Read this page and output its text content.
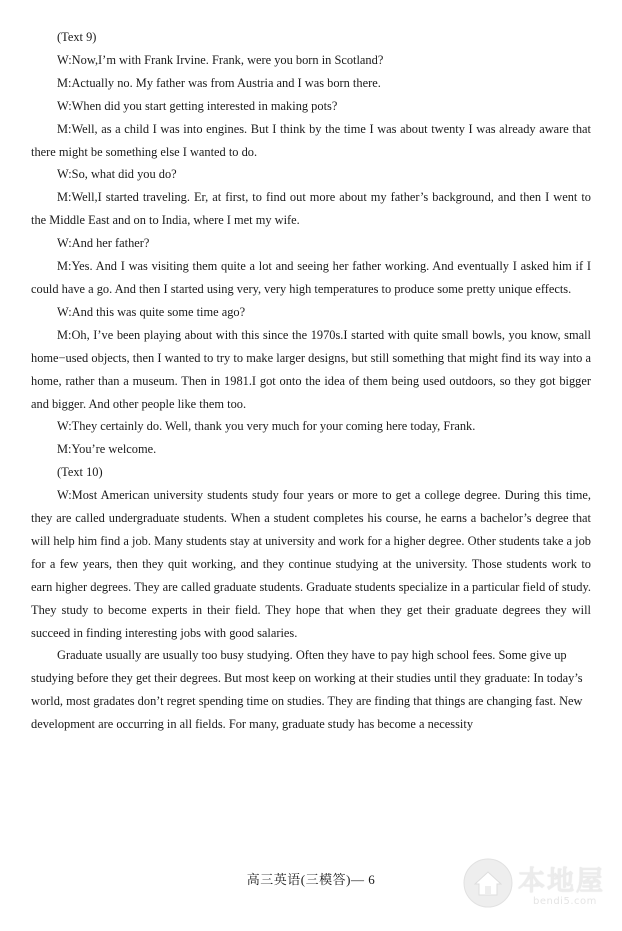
(Text 9)

W:Now,I’m with Frank Irvine. Frank, were you born in Scotland?

M:Actually no. My father was from Austria and I was born there.

W:When did you start getting interested in making pots?

M:Well, as a child I was into engines. But I think by the time I was about twenty I was already aware that there might be something else I wanted to do.

W:So, what did you do?

M:Well,I started traveling. Er, at first, to find out more about my father’s background, and then I went to the Middle East and on to India, where I met my wife.

W:And her father?

M:Yes. And I was visiting them quite a lot and seeing her father working. And eventually I asked him if I could have a go. And then I started using very, very high temperatures to produce some pretty unique effects.

W:And this was quite some time ago?

M:Oh, I’ve been playing about with this since the 1970s.I started with quite small bowls, you know, small home−used objects, then I wanted to try to make larger designs, but still something that might find its way into a home, rather than a museum. Then in 1981.I got onto the idea of them being used outdoors, so they got bigger and bigger. And other people like them too.

W:They certainly do. Well, thank you very much for your coming here today, Frank.

M:You’re welcome.

(Text 10)

W:Most American university students study four years or more to get a college degree. During this time, they are called undergraduate students. When a student completes his course, he earns a bachelor’s degree that will help him find a job. Many students stay at university and work for a higher degree. Other students take a job for a few years, then they quit working, and they continue studying at the university. Those students work to earn higher degrees. They are called graduate students. Graduate students specialize in a particular field of study. They study to become experts in their field. They hope that when they get their graduate degrees they will succeed in finding interesting jobs with good salaries.

Graduate usually are usually too busy studying. Often they have to pay high school fees. Some give up studying before they get their degrees. But most keep on working at their studies until they graduate: In today’s world, most gradates don’t regret spending time on studies. They are finding that things are changing fast. New development are occurring in all fields. For many, graduate study has become a necessity

高三英语(三模答)— 6	本地屋
bendi5.com
